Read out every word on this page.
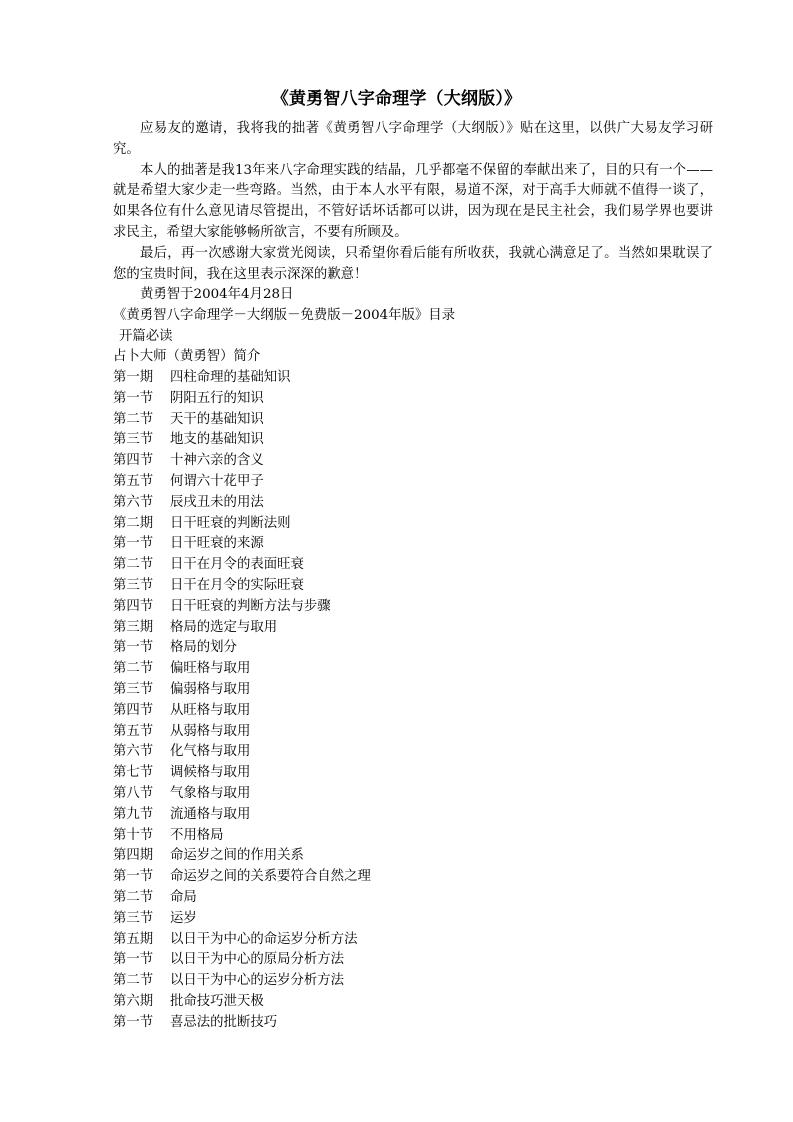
《黄勇智八字命理学（大纲版）》

应易友的邀请，我将我的拙著《黄勇智八字命理学（大纲版）》贴在这里，以供广大易友学习研究。

本人的拙著是我13年来八字命理实践的结晶，几乎都毫不保留的奉献出来了，目的只有一个——就是希望大家少走一些弯路。当然，由于本人水平有限，易道不深，对于高手大师就不值得一谈了，如果各位有什么意见请尽管提出，不管好话坏话都可以讲，因为现在是民主社会，我们易学界也要讲求民主，希望大家能够畅所欲言，不要有所顾及。

最后，再一次感谢大家赏光阅读，只希望你看后能有所收获，我就心满意足了。当然如果耽误了您的宝贵时间，我在这里表示深深的歉意！

黄勇智于2004年4月28日
《黄勇智八字命理学－大纲版－免费版－2004年版》目录
开篇必读
占卜大师（黄勇智）简介
第一期	四柱命理的基础知识
第一节	阴阳五行的知识
第二节	天干的基础知识
第三节	地支的基础知识
第四节	十神六亲的含义
第五节	何谓六十花甲子
第六节	辰戌丑未的用法
第二期	日干旺衰的判断法则
第一节	日干旺衰的来源
第二节	日干在月令的表面旺衰
第三节	日干在月令的实际旺衰
第四节	日干旺衰的判断方法与步骤
第三期	格局的选定与取用
第一节	格局的划分
第二节	偏旺格与取用
第三节	偏弱格与取用
第四节	从旺格与取用
第五节	从弱格与取用
第六节	化气格与取用
第七节	调候格与取用
第八节	气象格与取用
第九节	流通格与取用
第十节	不用格局
第四期	命运岁之间的作用关系
第一节	命运岁之间的关系要符合自然之理
第二节	命局
第三节	运岁
第五期	以日干为中心的命运岁分析方法
第一节	以日干为中心的原局分析方法
第二节	以日干为中心的运岁分析方法
第六期	批命技巧泄天极
第一节	喜忌法的批断技巧
